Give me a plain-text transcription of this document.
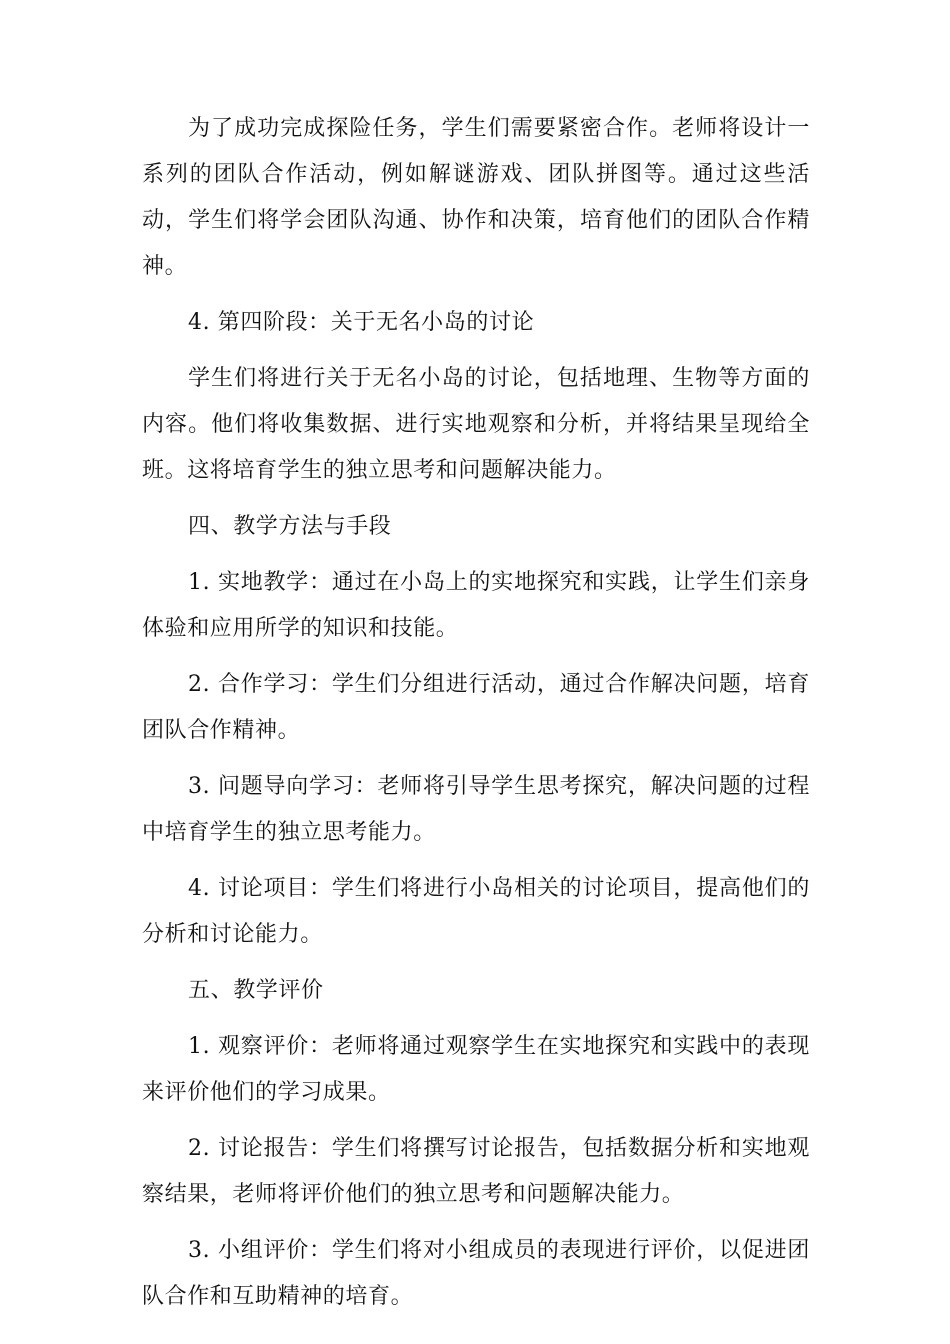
为了成功完成探险任务，学生们需要紧密合作。老师将设计一系列的团队合作活动，例如解谜游戏、团队拼图等。通过这些活动，学生们将学会团队沟通、协作和决策，培育他们的团队合作精神。

4. 第四阶段：关于无名小岛的讨论

学生们将进行关于无名小岛的讨论，包括地理、生物等方面的内容。他们将收集数据、进行实地观察和分析，并将结果呈现给全班。这将培育学生的独立思考和问题解决能力。

四、教学方法与手段

1. 实地教学：通过在小岛上的实地探究和实践，让学生们亲身体验和应用所学的知识和技能。

2. 合作学习：学生们分组进行活动，通过合作解决问题，培育团队合作精神。

3. 问题导向学习：老师将引导学生思考探究，解决问题的过程中培育学生的独立思考能力。

4. 讨论项目：学生们将进行小岛相关的讨论项目，提高他们的分析和讨论能力。

五、教学评价

1. 观察评价：老师将通过观察学生在实地探究和实践中的表现来评价他们的学习成果。

2. 讨论报告：学生们将撰写讨论报告，包括数据分析和实地观察结果，老师将评价他们的独立思考和问题解决能力。

3. 小组评价：学生们将对小组成员的表现进行评价，以促进团队合作和互助精神的培育。
